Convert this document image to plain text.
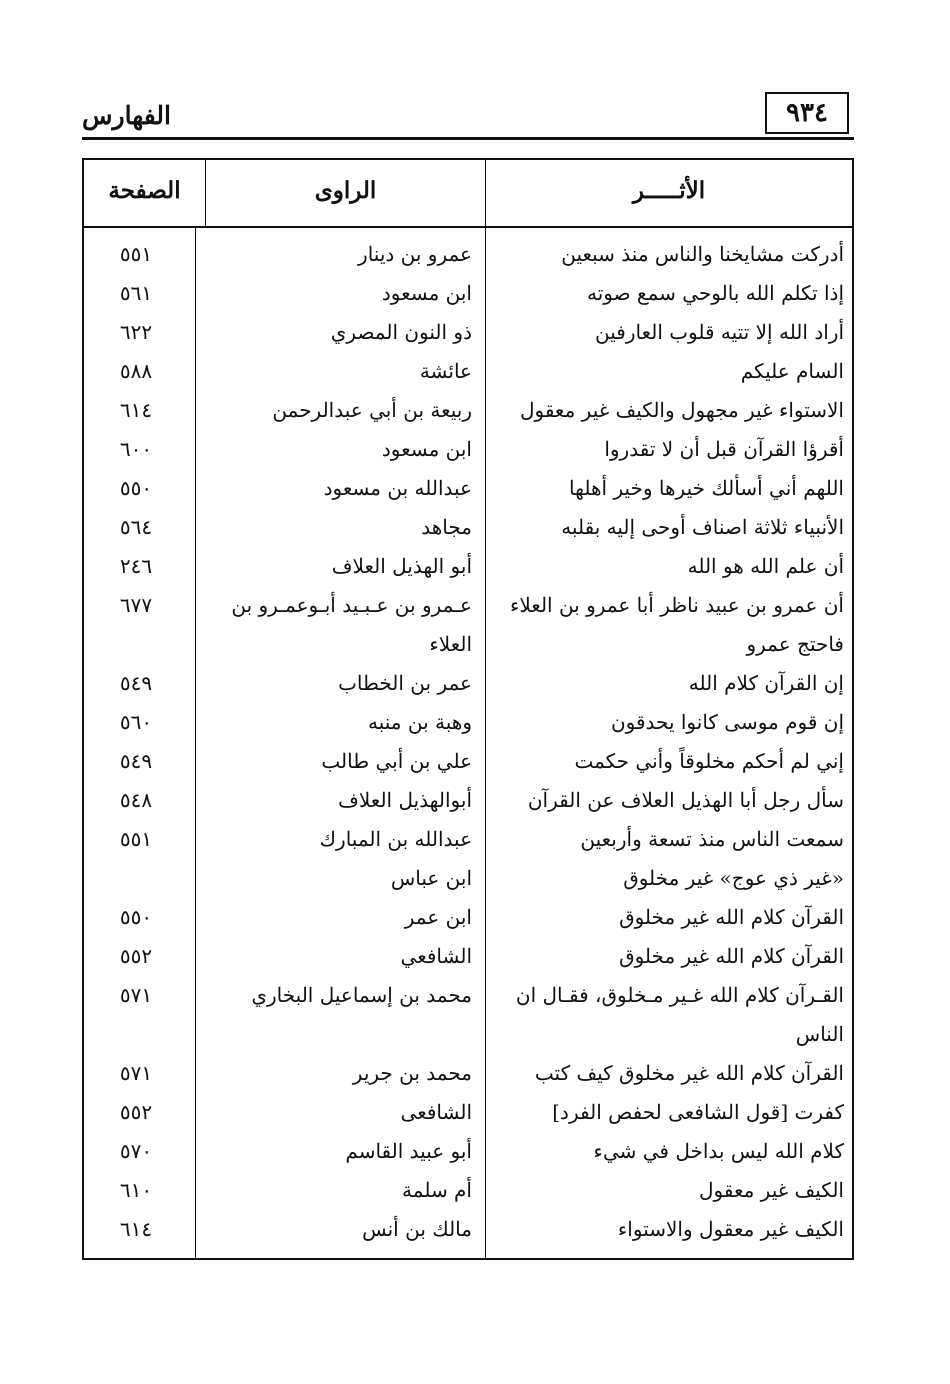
الفهارس	٩٣٤
الأثـــــر
الراوى
الصفحة
أدركت مشايخنا والناس منذ سبعين
عمرو بن دينار
٥٥١
إذا تكلم الله بالوحي سمع صوته
ابن مسعود
٥٦١
أراد الله إلا تتيه قلوب العارفين
ذو النون المصري
٦٢٢
السام عليكم
عائشة
٥٨٨
الاستواء غير مجهول والكيف غير معقول
ربيعة بن أبي عبدالرحمن
٦١٤
أقرؤا القرآن قبل أن لا تقدروا
ابن مسعود
٦٠٠
اللهم أني أسألك خيرها وخير أهلها
عبدالله بن مسعود
٥٥٠
الأنبياء ثلاثة اصناف أوحى إليه بقلبه
مجاهد
٥٦٤
أن علم الله هو الله
أبو الهذيل العلاف
٢٤٦
أن عمرو بن عبيد ناظر أبا عمرو بن العلاء
عـمرو بن عـبـيد أبـوعمـرو بن
٦٧٧
فاحتج عمرو
العلاء
إن القرآن كلام الله
عمر بن الخطاب
٥٤٩
إن قوم موسى كانوا يحدقون
وهبة بن منبه
٥٦٠
إني لم أحكم مخلوقاً وأني حكمت
علي بن أبي طالب
٥٤٩
سأل رجل أبا الهذيل العلاف عن القرآن
أبوالهذيل العلاف
٥٤٨
سمعت الناس منذ تسعة وأربعين
عبدالله بن المبارك
٥٥١
«غير ذي عوج» غير مخلوق
ابن عباس
القرآن كلام الله غير مخلوق
ابن عمر
٥٥٠
القرآن كلام الله غير مخلوق
الشافعي
٥٥٢
القـرآن كلام الله غـير مـخلوق، فقـال ان
محمد بن إسماعيل البخاري
٥٧١
الناس
القرآن كلام الله غير مخلوق كيف كتب
محمد بن جرير
٥٧١
كفرت [قول الشافعى لحفص الفرد]
الشافعى
٥٥٢
كلام الله ليس بداخل في شيء
أبو عبيد القاسم
٥٧٠
الكيف غير معقول
أم سلمة
٦١٠
الكيف غير معقول والاستواء
مالك بن أنس
٦١٤
